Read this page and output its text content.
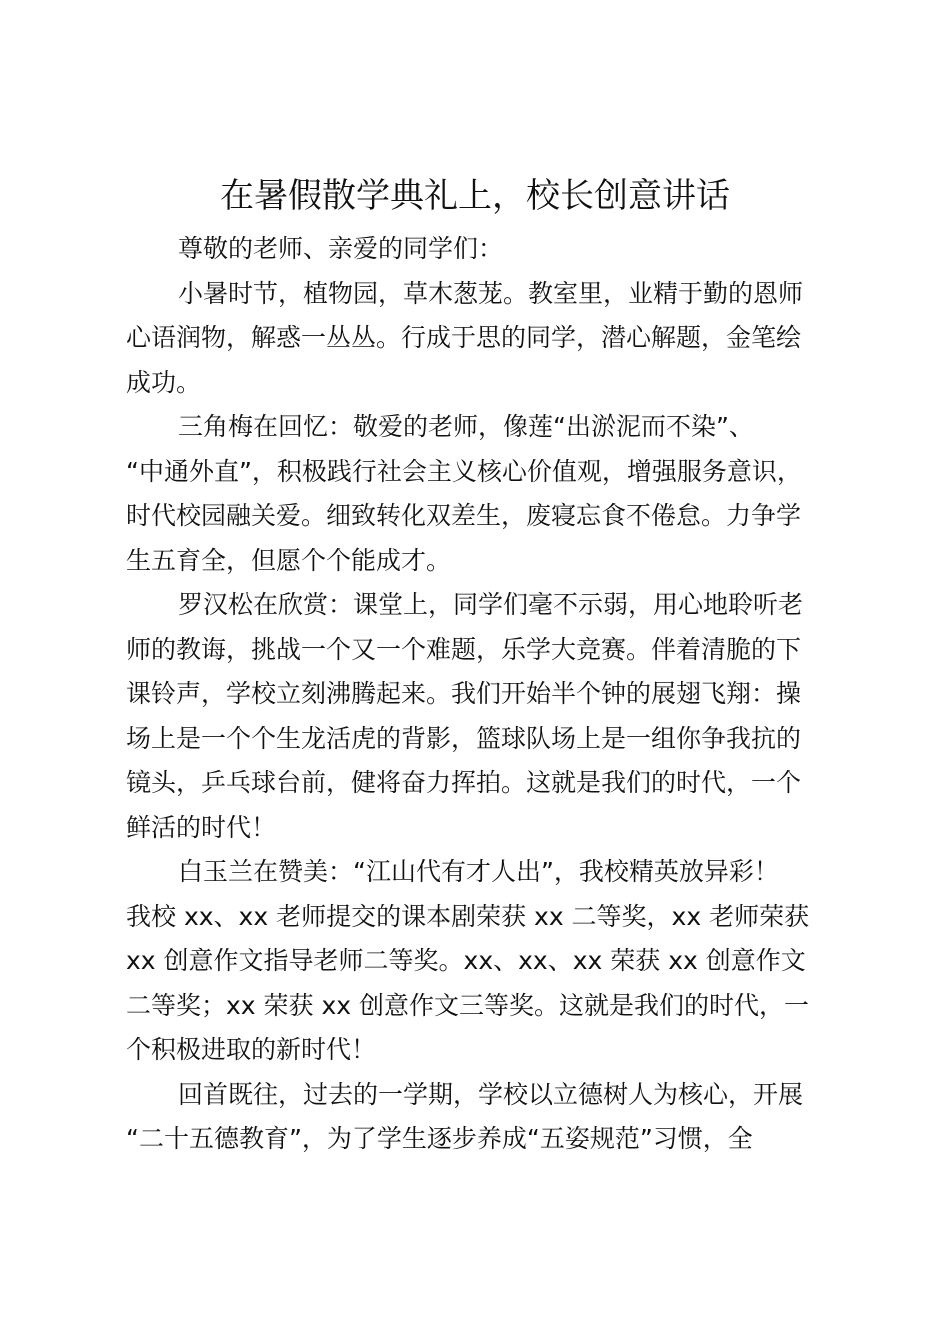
在暑假散学典礼上，校长创意讲话
尊敬的老师、亲爱的同学们：
小暑时节，植物园，草木葱茏。教室里，业精于勤的恩师
心语润物，解惑一丛丛。行成于思的同学，潜心解题，金笔绘
成功。
三角梅在回忆：敬爱的老师，像莲“出淤泥而不染”、
“中通外直”，积极践行社会主义核心价值观，增强服务意识，
时代校园融关爱。细致转化双差生，废寝忘食不倦怠。力争学
生五育全，但愿个个能成才。
罗汉松在欣赏：课堂上，同学们毫不示弱，用心地聆听老
师的教诲，挑战一个又一个难题，乐学大竞赛。伴着清脆的下
课铃声，学校立刻沸腾起来。我们开始半个钟的展翅飞翔：操
场上是一个个生龙活虎的背影，篮球队场上是一组你争我抗的
镜头，乒乓球台前，健将奋力挥拍。这就是我们的时代，一个
鲜活的时代！
白玉兰在赞美：“江山代有才人出”，我校精英放异彩！
我校 xx、xx 老师提交的课本剧荣获 xx 二等奖，xx 老师荣获
xx 创意作文指导老师二等奖。xx、xx、xx 荣获 xx 创意作文
二等奖；xx 荣获 xx 创意作文三等奖。这就是我们的时代，一
个积极进取的新时代！
回首既往，过去的一学期，学校以立德树人为核心，开展
“二十五德教育”，为了学生逐步养成“五姿规范”习惯，全
